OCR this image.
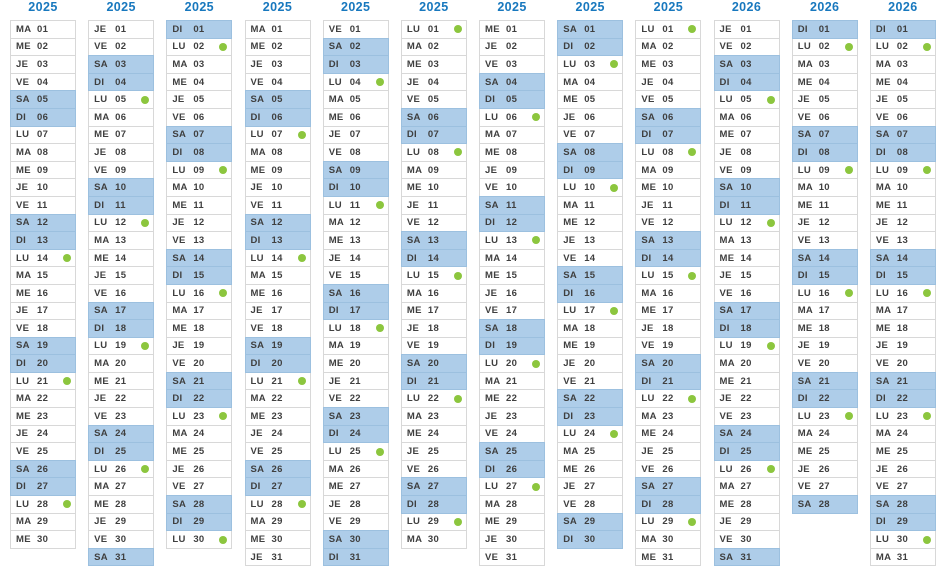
2025
MA 01
ME 02
JE 03
VE 04
SA 05
DI	06
LU 07
MA 08
ME 09
JE 10
VE 11
SA 12
DI	13
LU 14
MA 15
ME 16
JE 17
VE 18
SA 19
DI	20
LU 21
MA 22
ME 23
JE 24
VE 25
SA 26
DI	27
LU 28
MA 29
ME 30
2025
JE 01
VE 02
SA 03
DI	04
LU 05
MA 06
ME 07
JE 08
VE 09
SA 10
DI	11
LU 12
MA 13
ME 14
JE 15
VE 16
SA 17
DI	18
LU 19
MA 20
ME 21
JE 22
VE 23
SA 24
DI	25
LU 26
MA 27
ME 28
JE 29
VE 30
SA 31
2025
DI	01
LU 02
MA 03
ME 04
JE 05
VE 06
SA 07
DI	08
LU 09
MA 10
ME 11
JE 12
VE 13
SA 14
DI	15
LU 16
MA 17
ME 18
JE 19
VE 20
SA 21
DI	22
LU 23
MA 24
ME 25
JE 26
VE 27
SA 28
DI	29
LU 30
2025
MA 01
ME 02
JE 03
VE 04
SA 05
DI	06
LU 07
MA 08
ME 09
JE 10
VE 11
SA 12
DI	13
LU 14
MA 15
ME 16
JE 17
VE 18
SA 19
DI	20
LU 21
MA 22
ME 23
JE 24
VE 25
SA 26
DI	27
LU 28
MA 29
ME 30
JE 31
2025
VE 01
SA 02
DI	03
LU 04
MA 05
ME 06
JE 07
VE 08
SA 09
DI	10
LU 11
MA 12
ME 13
JE 14
VE 15
SA 16
DI	17
LU 18
MA 19
ME 20
JE 21
VE 22
SA 23
DI	24
LU 25
MA 26
ME 27
JE 28
VE 29
SA 30
DI	31
2025
LU 01
MA 02
ME 03
JE 04
VE 05
SA 06
DI	07
LU 08
MA 09
ME 10
JE 11
VE 12
SA 13
DI	14
LU 15
MA 16
ME 17
JE 18
VE 19
SA 20
DI	21
LU 22
MA 23
ME 24
JE 25
VE 26
SA 27
DI	28
LU 29
MA 30
2025
ME 01
JE 02
VE 03
SA 04
DI	05
LU 06
MA 07
ME 08
JE 09
VE 10
SA 11
DI	12
LU 13
MA 14
ME 15
JE 16
VE 17
SA 18
DI	19
LU 20
MA 21
ME 22
JE 23
VE 24
SA 25
DI	26
LU 27
MA 28
ME 29
JE 30
VE 31
2025
SA 01
DI	02
LU 03
MA 04
ME 05
JE 06
VE 07
SA 08
DI	09
LU 10
MA 11
ME 12
JE 13
VE 14
SA 15
DI	16
LU 17
MA 18
ME 19
JE 20
VE 21
SA 22
DI	23
LU 24
MA 25
ME 26
JE 27
VE 28
SA 29
DI	30
2025
LU 01
MA 02
ME 03
JE 04
VE 05
SA 06
DI	07
LU 08
MA 09
ME 10
JE 11
VE 12
SA 13
DI	14
LU 15
MA 16
ME 17
JE 18
VE 19
SA 20
DI	21
LU 22
MA 23
ME 24
JE 25
VE 26
SA 27
DI	28
LU 29
MA 30
ME 31
2026
JE 01
VE 02
SA 03
DI	04
LU 05
MA 06
ME 07
JE 08
VE 09
SA 10
DI	11
LU 12
MA 13
ME 14
JE 15
VE 16
SA 17
DI	18
LU 19
MA 20
ME 21
JE 22
VE 23
SA 24
DI	25
LU 26
MA 27
ME 28
JE 29
VE 30
SA 31
2026
DI	01
LU 02
MA 03
ME 04
JE 05
VE 06
SA 07
DI	08
LU 09
MA 10
ME 11
JE 12
VE 13
SA 14
DI	15
LU 16
MA 17
ME 18
JE 19
VE 20
SA 21
DI	22
LU 23
MA 24
ME 25
JE 26
VE 27
SA 28
2026
DI	01
LU 02
MA 03
ME 04
JE 05
VE 06
SA 07
DI	08
LU 09
MA 10
ME 11
JE 12
VE 13
SA 14
DI	15
LU 16
MA 17
ME 18
JE 19
VE 20
SA 21
DI	22
LU 23
MA 24
ME 25
JE 26
VE 27
SA 28
DI	29
LU 30
MA 31
